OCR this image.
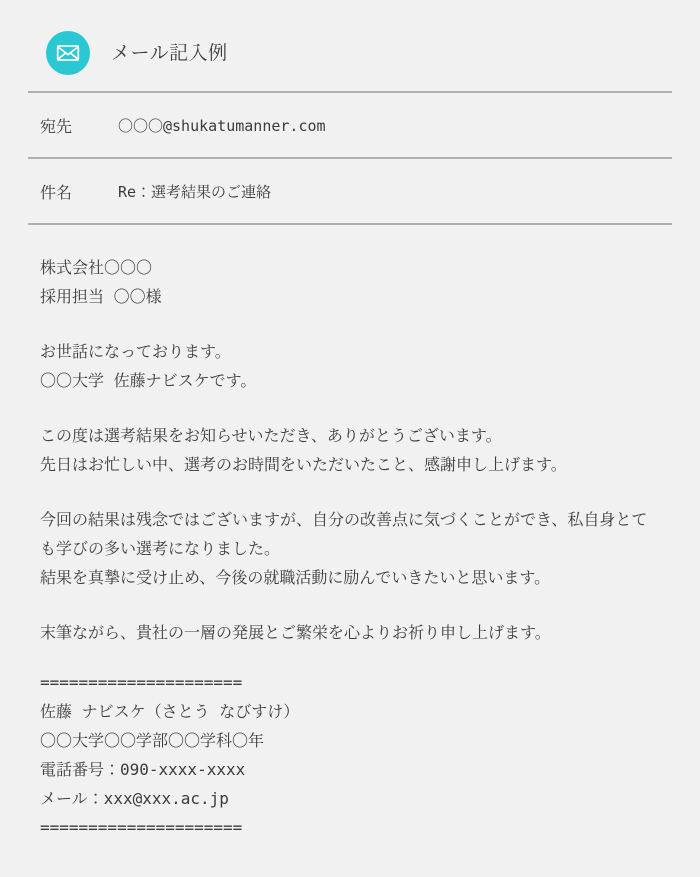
メール記入例
宛先	〇〇〇@shukatumanner.com
件名	Re：選考結果のご連絡
株式会社〇〇〇
採用担当 〇〇様
お世話になっております。
〇〇大学 佐藤ナビスケです。
この度は選考結果をお知らせいただき、ありがとうございます。
先日はお忙しい中、選考のお時間をいただいたこと、感謝申し上げます。
今回の結果は残念ではございますが、自分の改善点に気づくことができ、私自身とても学びの多い選考になりました。
結果を真摯に受け止め、今後の就職活動に励んでいきたいと思います。
末筆ながら、貴社の一層の発展とご繁栄を心よりお祈り申し上げます。
=====================
佐藤 ナビスケ（さとう なびすけ）
〇〇大学〇〇学部〇〇学科〇年
電話番号：090-xxxx-xxxx
メール：xxx@xxx.ac.jp
=====================
